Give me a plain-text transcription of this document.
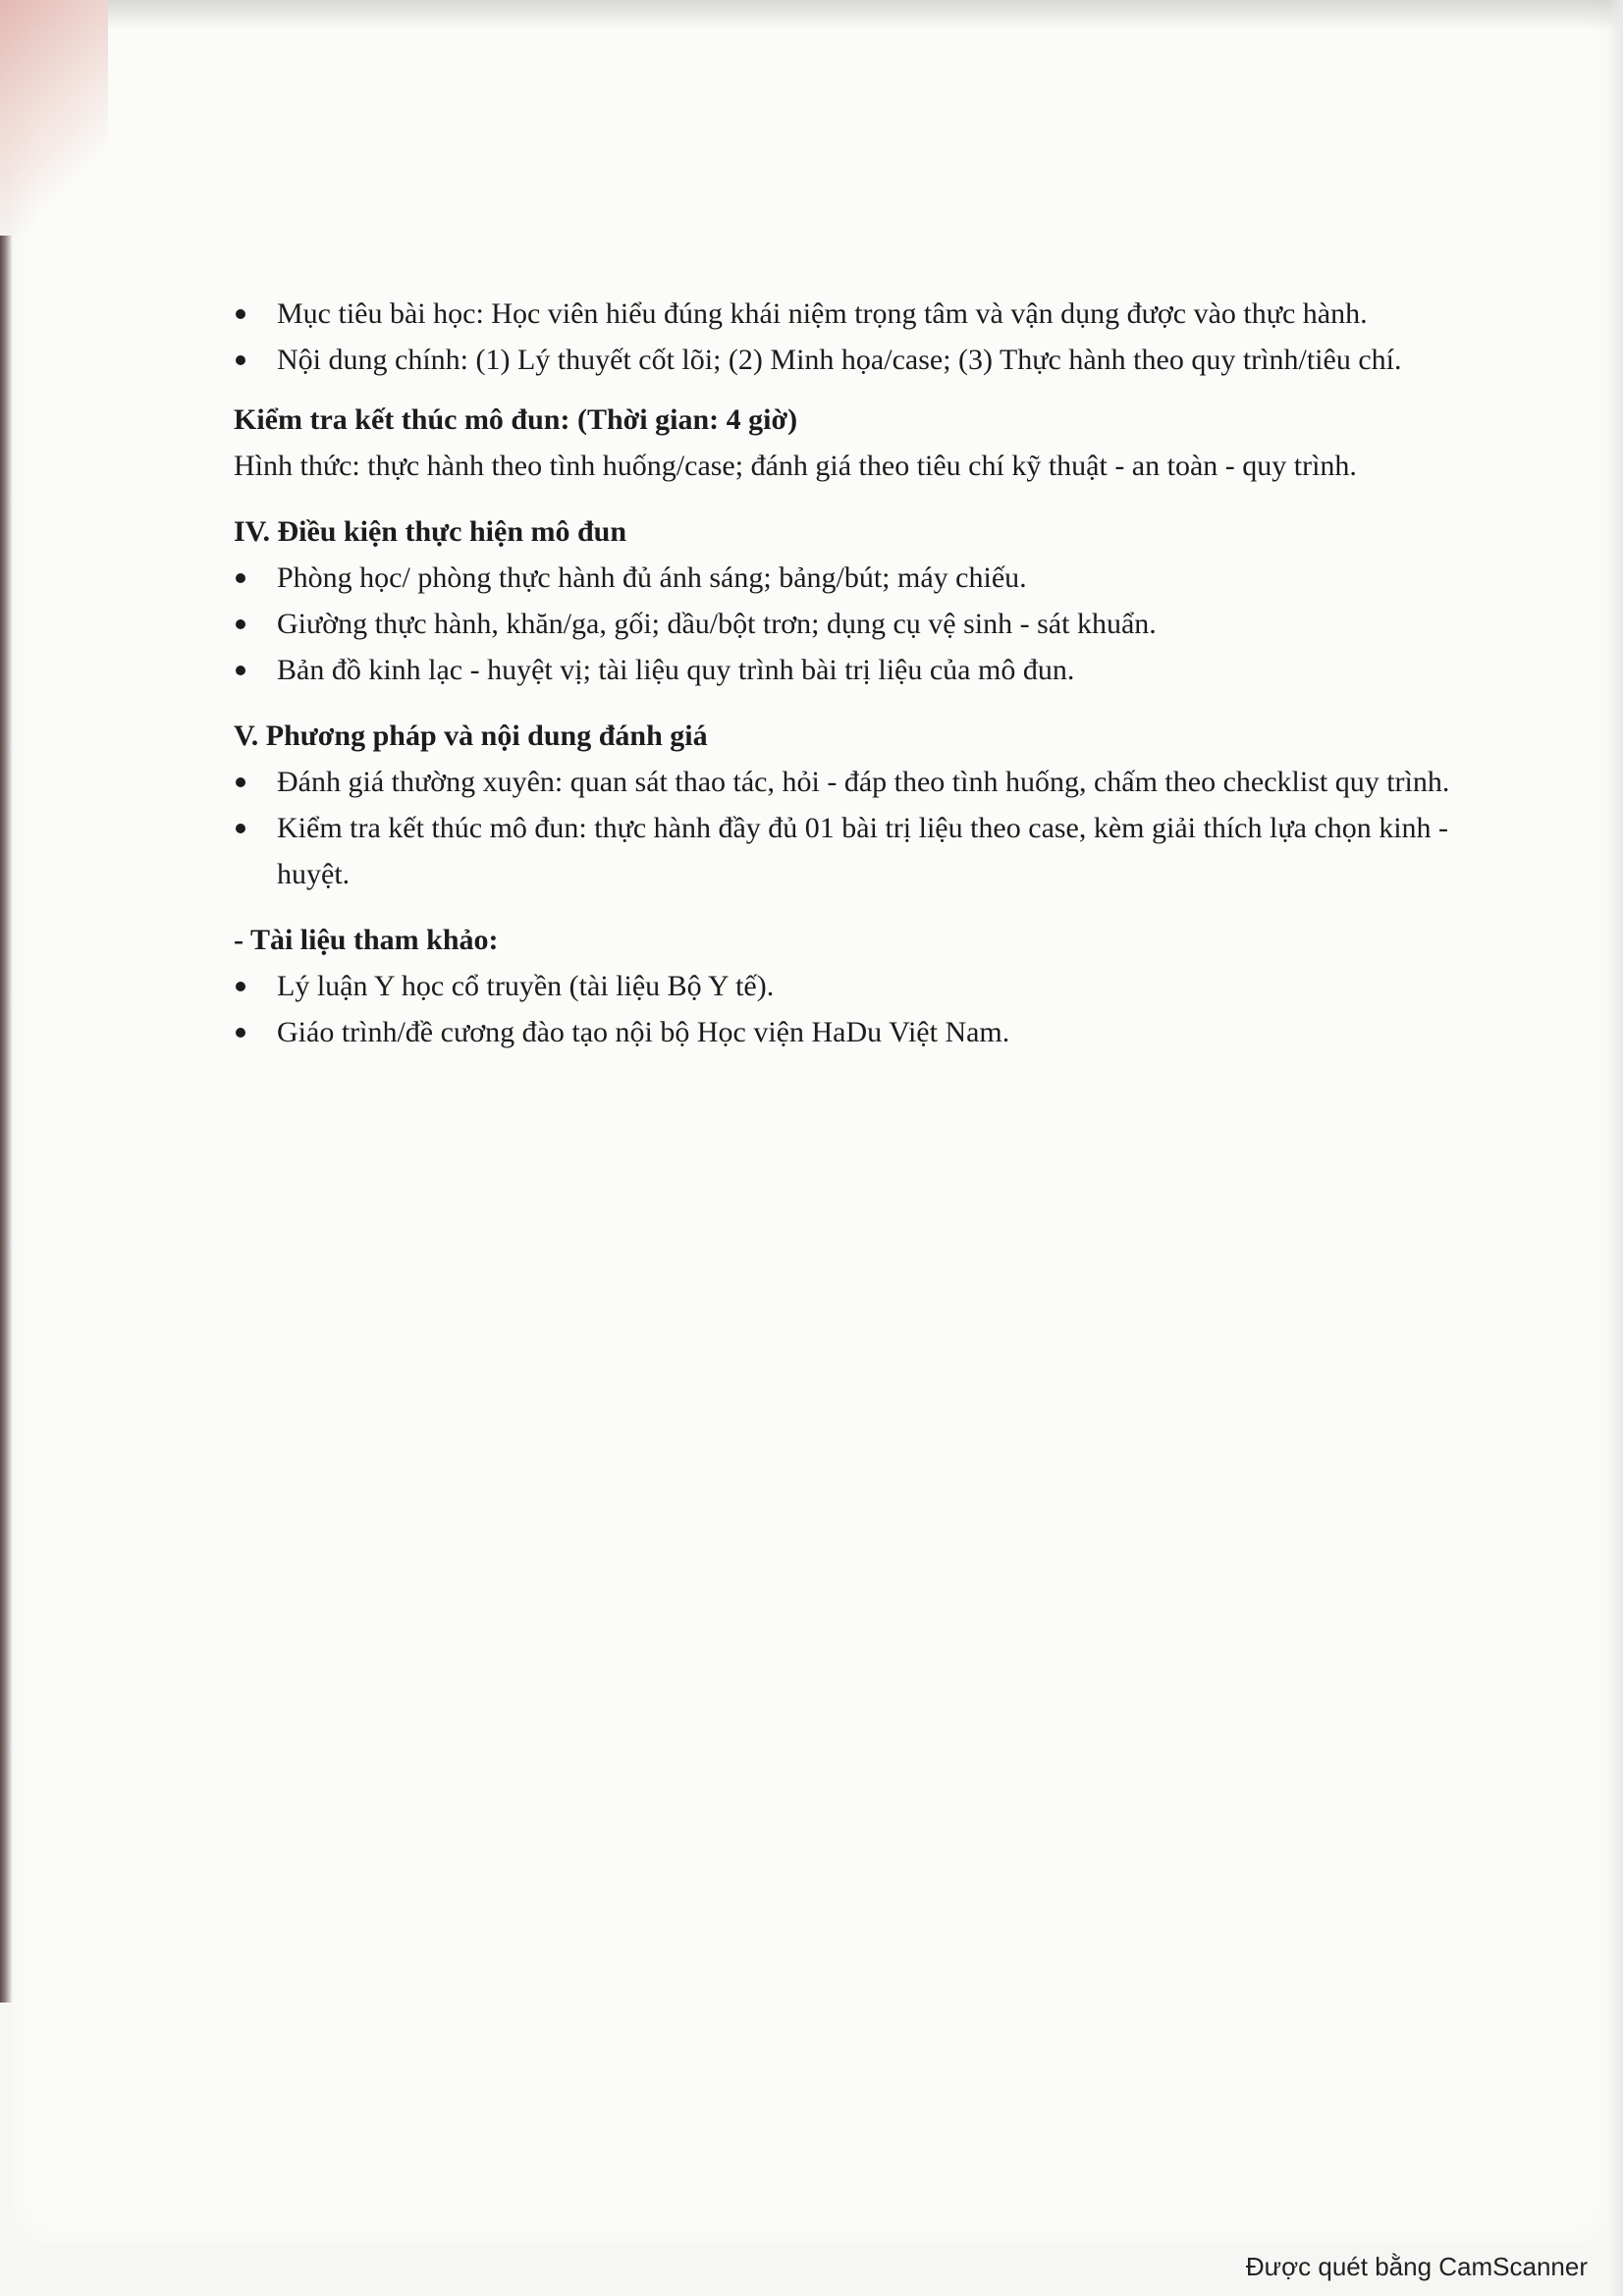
Mục tiêu bài học: Học viên hiểu đúng khái niệm trọng tâm và vận dụng được vào thực hành.
Nội dung chính: (1) Lý thuyết cốt lõi; (2) Minh họa/case; (3) Thực hành theo quy trình/tiêu chí.

Kiểm tra kết thúc mô đun: (Thời gian: 4 giờ)

Hình thức: thực hành theo tình huống/case; đánh giá theo tiêu chí kỹ thuật - an toàn - quy trình.

IV. Điều kiện thực hiện mô đun

Phòng học/ phòng thực hành đủ ánh sáng; bảng/bút; máy chiếu.
Giường thực hành, khăn/ga, gối; dầu/bột trơn; dụng cụ vệ sinh - sát khuẩn.
Bản đồ kinh lạc - huyệt vị; tài liệu quy trình bài trị liệu của mô đun.

V. Phương pháp và nội dung đánh giá

Đánh giá thường xuyên: quan sát thao tác, hỏi - đáp theo tình huống, chấm theo checklist quy trình.
Kiểm tra kết thúc mô đun: thực hành đầy đủ 01 bài trị liệu theo case, kèm giải thích lựa chọn kinh - huyệt.

- Tài liệu tham khảo:

Lý luận Y học cổ truyền (tài liệu Bộ Y tế).
Giáo trình/đề cương đào tạo nội bộ Học viện HaDu Việt Nam.
Được quét bằng CamScanner
